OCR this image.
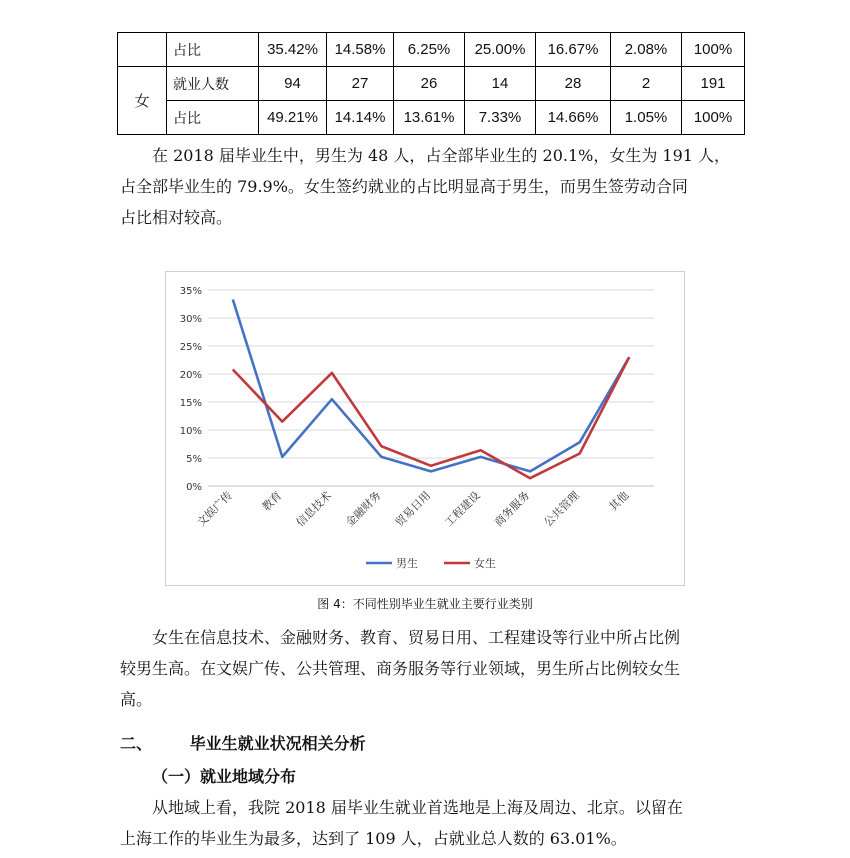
	占比	35.42%	14.58%	6.25%	25.00%	16.67%	2.08%	100%
女	就业人数	94	27	26	14	28	2	191
	占比	49.21%	14.14%	13.61%	7.33%	14.66%	1.05%	100%
在 2018 届毕业生中，男生为 48 人，占全部毕业生的 20.1%，女生为 191 人，
占全部毕业生的 79.9%。女生签约就业的占比明显高于男生，而男生签劳动合同
占比相对较高。
0%
5%
10%
15%
20%
25%
30%
35%
文娱广传 教育 信息技术 金融财务 贸易日用 工程建设 商务服务 公共管理 其他
男生	女生
图 4：不同性别毕业生就业主要行业类别
女生在信息技术、金融财务、教育、贸易日用、工程建设等行业中所占比例
较男生高。在文娱广传、公共管理、商务服务等行业领域，男生所占比例较女生
高。
二、 毕业生就业状况相关分析
（一）就业地域分布
从地域上看，我院 2018 届毕业生就业首选地是上海及周边、北京。以留在
上海工作的毕业生为最多，达到了 109 人，占就业总人数的 63.01%。
